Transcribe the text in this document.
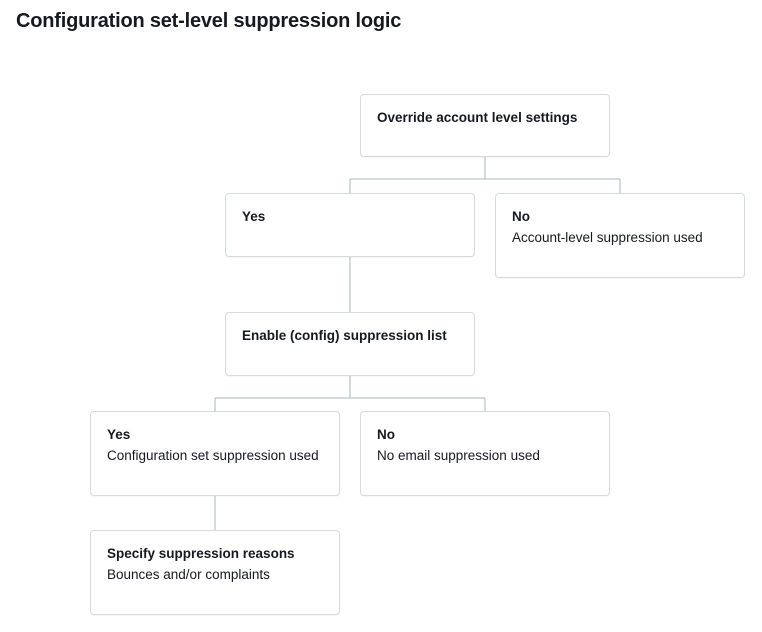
Configuration set-level suppression logic
Override account level settings
Yes	No
Account-level suppression used
Enable (config) suppression list
Yes
Configuration set suppression used
No
No email suppression used
Specify suppression reasons
Bounces and/or complaints
